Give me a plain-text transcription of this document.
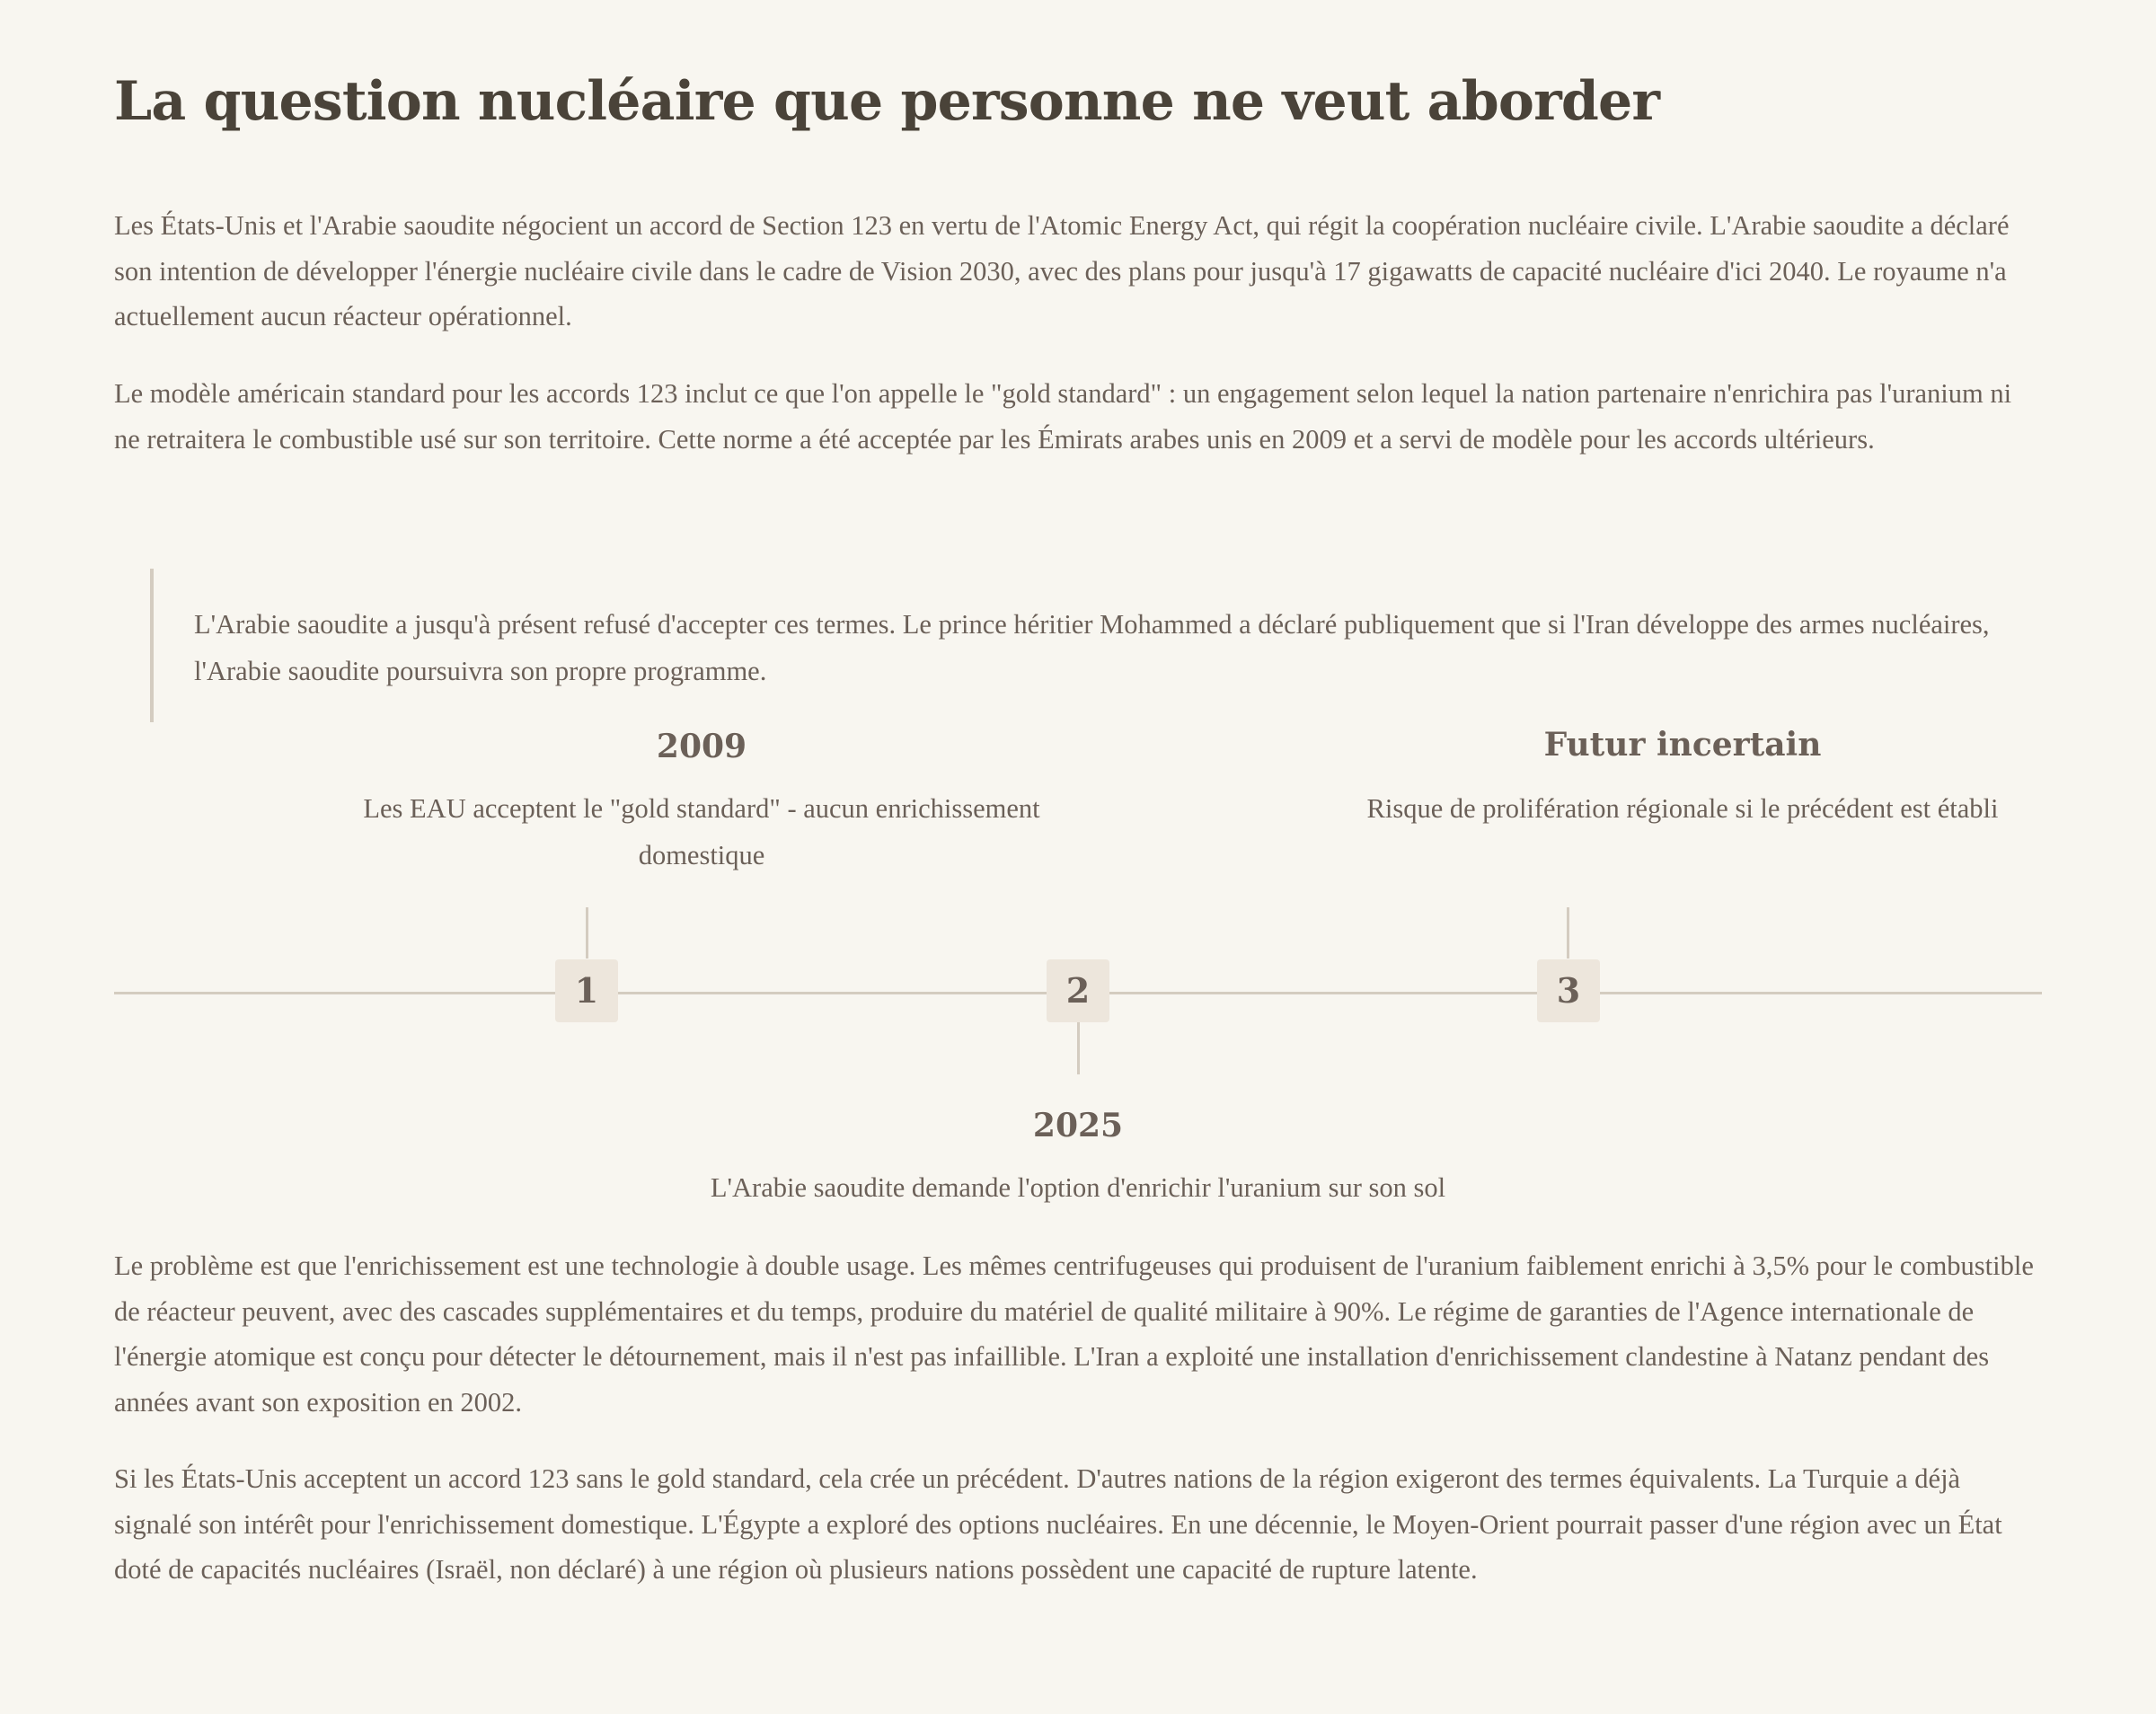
La question nucléaire que personne ne veut aborder

Les États-Unis et l'Arabie saoudite négocient un accord de Section 123 en vertu de l'Atomic Energy Act, qui régit la coopération nucléaire civile. L'Arabie saoudite a déclaré son intention de développer l'énergie nucléaire civile dans le cadre de Vision 2030, avec des plans pour jusqu'à 17 gigawatts de capacité nucléaire d'ici 2040. Le royaume n'a actuellement aucun réacteur opérationnel.

Le modèle américain standard pour les accords 123 inclut ce que l'on appelle le "gold standard" : un engagement selon lequel la nation partenaire n'enrichira pas l'uranium ni ne retraitera le combustible usé sur son territoire. Cette norme a été acceptée par les Émirats arabes unis en 2009 et a servi de modèle pour les accords ultérieurs.

L'Arabie saoudite a jusqu'à présent refusé d'accepter ces termes. Le prince héritier Mohammed a déclaré publiquement que si l'Iran développe des armes nucléaires, l'Arabie saoudite poursuivra son propre programme.
2009
Les EAU acceptent le "gold standard" - aucun enrichissement domestique
1	2
2025
L'Arabie saoudite demande l'option d'enrichir l'uranium sur son sol
Futur incertain
Risque de prolifération régionale si le précédent est établi
3

Le problème est que l'enrichissement est une technologie à double usage. Les mêmes centrifugeuses qui produisent de l'uranium faiblement enrichi à 3,5% pour le combustible de réacteur peuvent, avec des cascades supplémentaires et du temps, produire du matériel de qualité militaire à 90%. Le régime de garanties de l'Agence internationale de l'énergie atomique est conçu pour détecter le détournement, mais il n'est pas infaillible. L'Iran a exploité une installation d'enrichissement clandestine à Natanz pendant des années avant son exposition en 2002.

Si les États-Unis acceptent un accord 123 sans le gold standard, cela crée un précédent. D'autres nations de la région exigeront des termes équivalents. La Turquie a déjà signalé son intérêt pour l'enrichissement domestique. L'Égypte a exploré des options nucléaires. En une décennie, le Moyen-Orient pourrait passer d'une région avec un État doté de capacités nucléaires (Israël, non déclaré) à une région où plusieurs nations possèdent une capacité de rupture latente.
